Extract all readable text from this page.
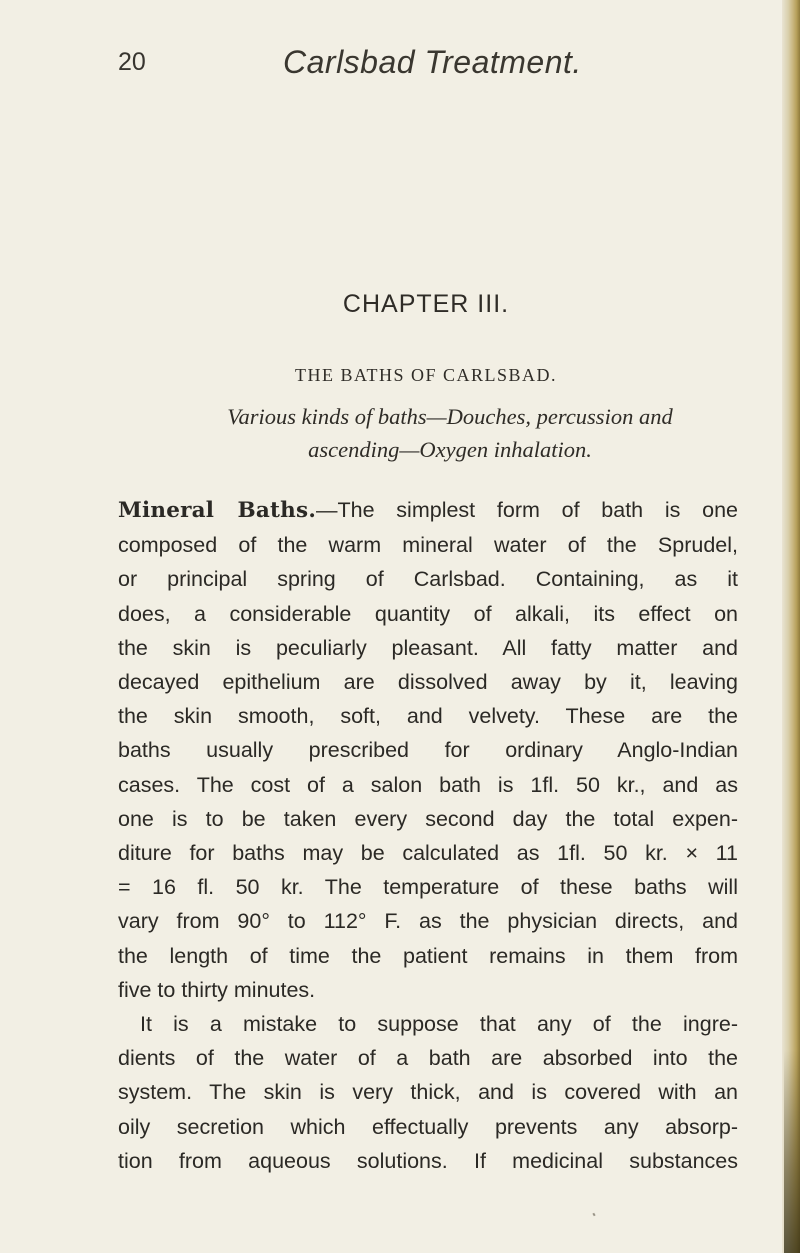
20	Carlsbad Treatment.
CHAPTER III.
THE BATHS OF CARLSBAD.
Various kinds of baths—Douches, percussion and
ascending—Oxygen inhalation.
Mineral Baths.—The simplest form of bath is one
composed of the warm mineral water of the Sprudel,
or principal spring of Carlsbad. Containing, as it
does, a considerable quantity of alkali, its effect on
the skin is peculiarly pleasant. All fatty matter and
decayed epithelium are dissolved away by it, leaving
the skin smooth, soft, and velvety. These are the
baths usually prescribed for ordinary Anglo-Indian
cases. The cost of a salon bath is 1fl. 50 kr., and as
one is to be taken every second day the total expen-
diture for baths may be calculated as 1fl. 50 kr. × 11
= 16 fl. 50 kr. The temperature of these baths will
vary from 90° to 112° F. as the physician directs, and
the length of time the patient remains in them from
five to thirty minutes.
It is a mistake to suppose that any of the ingre-
dients of the water of a bath are absorbed into the
system. The skin is very thick, and is covered with an
oily secretion which effectually prevents any absorp-
tion from aqueous solutions. If medicinal substances
